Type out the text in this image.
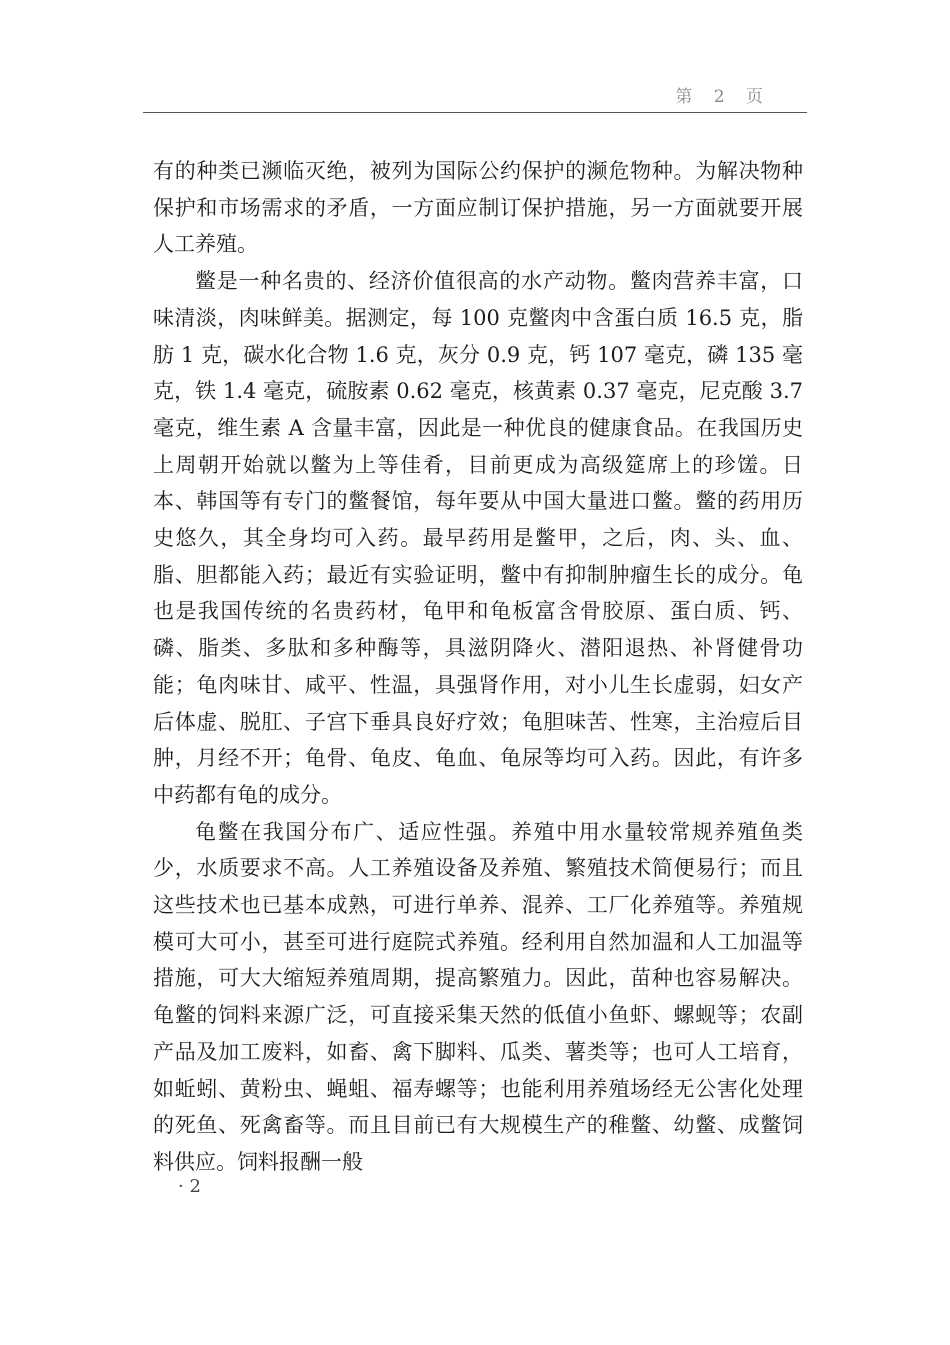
第 2 页

有的种类已濒临灭绝，被列为国际公约保护的濒危物种。为解决物种保护和市场需求的矛盾，一方面应制订保护措施，另一方面就要开展人工养殖。

鳖是一种名贵的、经济价值很高的水产动物。鳖肉营养丰富，口味清淡，肉味鲜美。据测定，每 100 克鳖肉中含蛋白质 16.5 克，脂肪 1 克，碳水化合物 1.6 克，灰分 0.9 克，钙 107 毫克，磷 135 毫克，铁 1.4 毫克，硫胺素 0.62 毫克，核黄素 0.37 毫克，尼克酸 3.7 毫克，维生素 A 含量丰富，因此是一种优良的健康食品。在我国历史上周朝开始就以鳖为上等佳肴，目前更成为高级筵席上的珍馐。日本、韩国等有专门的鳖餐馆，每年要从中国大量进口鳖。鳖的药用历史悠久，其全身均可入药。最早药用是鳖甲，之后，肉、头、血、脂、胆都能入药；最近有实验证明，鳖中有抑制肿瘤生长的成分。龟也是我国传统的名贵药材，龟甲和龟板富含骨胶原、蛋白质、钙、磷、脂类、多肽和多种酶等，具滋阴降火、潜阳退热、补肾健骨功能；龟肉味甘、咸平、性温，具强肾作用，对小儿生长虚弱，妇女产后体虚、脱肛、子宫下垂具良好疗效；龟胆味苦、性寒，主治痘后目肿，月经不开；龟骨、龟皮、龟血、龟尿等均可入药。因此，有许多中药都有龟的成分。

龟鳖在我国分布广、适应性强。养殖中用水量较常规养殖鱼类少，水质要求不高。人工养殖设备及养殖、繁殖技术简便易行；而且这些技术也已基本成熟，可进行单养、混养、工厂化养殖等。养殖规模可大可小，甚至可进行庭院式养殖。经利用自然加温和人工加温等措施，可大大缩短养殖周期，提高繁殖力。因此，苗种也容易解决。龟鳖的饲料来源广泛，可直接采集天然的低值小鱼虾、螺蚬等；农副产品及加工废料，如畜、禽下脚料、瓜类、薯类等；也可人工培育，如蚯蚓、黄粉虫、蝇蛆、福寿螺等；也能利用养殖场经无公害化处理的死鱼、死禽畜等。而且目前已有大规模生产的稚鳖、幼鳖、成鳖饲料供应。饲料报酬一般

· 2
